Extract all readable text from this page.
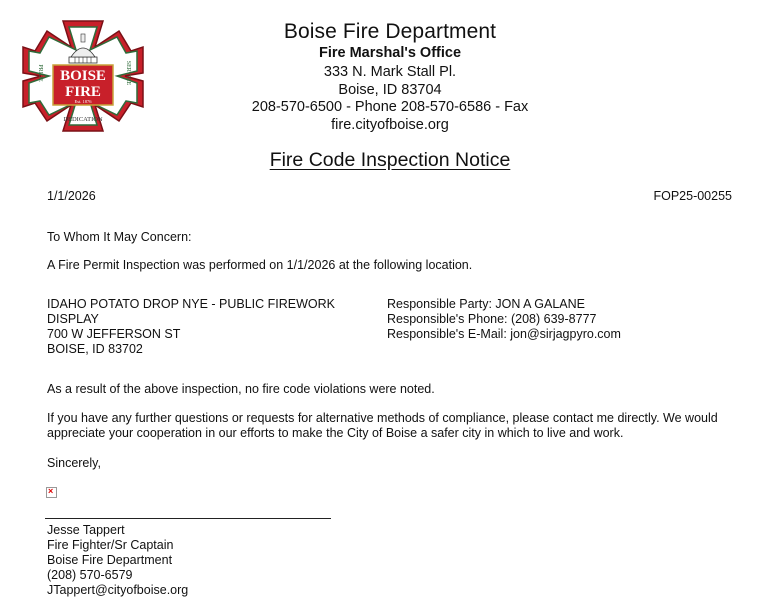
BOISE
FIRE
Est. 1876
PRIDE	SERVICE
DEDICATION
Boise Fire Department
Fire Marshal's Office
333 N. Mark Stall Pl.
Boise, ID 83704
208-570-6500 - Phone 208-570-6586 - Fax
fire.cityofboise.org
Fire Code Inspection Notice
1/1/2026	FOP25-00255
To Whom It May Concern:
A Fire Permit Inspection was performed on 1/1/2026 at the following location.
IDAHO POTATO DROP NYE - PUBLIC FIREWORK
DISPLAY
700 W JEFFERSON ST
BOISE, ID 83702
Responsible Party: JON A GALANE
Responsible's Phone: (208) 639-8777
Responsible's E-Mail: jon@sirjagpyro.com
As a result of the above inspection, no fire code violations were noted.
If you have any further questions or requests for alternative methods of compliance, please contact me directly. We would
appreciate your cooperation in our efforts to make the City of Boise a safer city in which to live and work.
Sincerely,
×
Jesse Tappert
Fire Fighter/Sr Captain
Boise Fire Department
(208) 570-6579
JTappert@cityofboise.org
